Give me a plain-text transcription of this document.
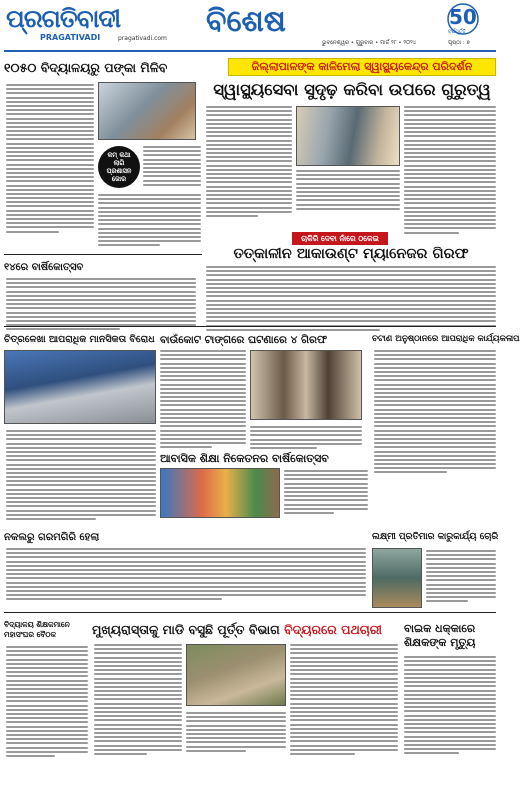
ପ୍ରଗତିବାଦୀ
PRAGATIVADI	pragativadi.com ବିଶେଷ
ଭୁବନେଶ୍ୱର • ଗୁରୁବାର • ମାର୍ଚ୍ଚ ୨୮ • ୨୦୨୪	ପୃଷ୍ଠା : ୭
50
ବର୍ଷପୂର୍ତ୍ତି
୧୦୫୦ ବିଦ୍ୟାଳୟରୁ ପଙ୍କା ମିଳିବ
କମ୍ କଥା ଲାଗି ପ୍ରଶାସନ ଜୋର
ଜିଲ୍ଲାପାଳଙ୍କ କାଳିମେଲା ସ୍ୱାସ୍ଥ୍ୟକେନ୍ଦ୍ର ପରିଦର୍ଶନ
ସ୍ୱାସ୍ଥ୍ୟସେବା ସୁଦୃଢ଼ କରିବା ଉପରେ ଗୁରୁତ୍ୱ
ଚାକିରି ଦେବା ନାଁରେ ଠକେଇ
ତତ୍କାଳୀନ ଆକାଉଣ୍ଟ ମ୍ୟାନେଜର ଗିରଫ
୧୪ରେ ବାର୍ଷିକୋତ୍ସବ
ବାଉଁକୋଟ ଟାଙ୍ଗରେ ଘଟଣାରେ ୪ ଗିରଫ
ଚିତ୍ରଳେଖା ଆପରାଧିକ ମାନସିକତା ବିରୋଧ
ଆବାସିକ ଶିକ୍ଷା ନିକେତନର ବାର୍ଷିକୋତ୍ସବ
ଚଟାଣ ଅନୁଷ୍ଠାନରେ ଆପରାଧିକ କାର୍ଯ୍ୟକଳାପ
ଲକ୍ଷ୍ମୀ ପ୍ରତିମାର କାରୁକାର୍ଯ୍ୟ ଚୋରି
ନକଲରୁ ଗରମଗିରି ହେଲା
ବିଦ୍ୟାଳୟ ଶିକ୍ଷକମାନେ ମହାସଂଘର ବୈଠକ	ମୁଖ୍ୟରାସ୍ତାକୁ ମାଡି ବସୁଛି ପୂର୍ତ୍ତ ବିଭାଗ ବିଦ୍ୟରରେ ପଥଚାରୀ	ବାଇକ ଧକ୍କାରେ ଶିକ୍ଷକଙ୍କ ମୃତ୍ୟୁ
